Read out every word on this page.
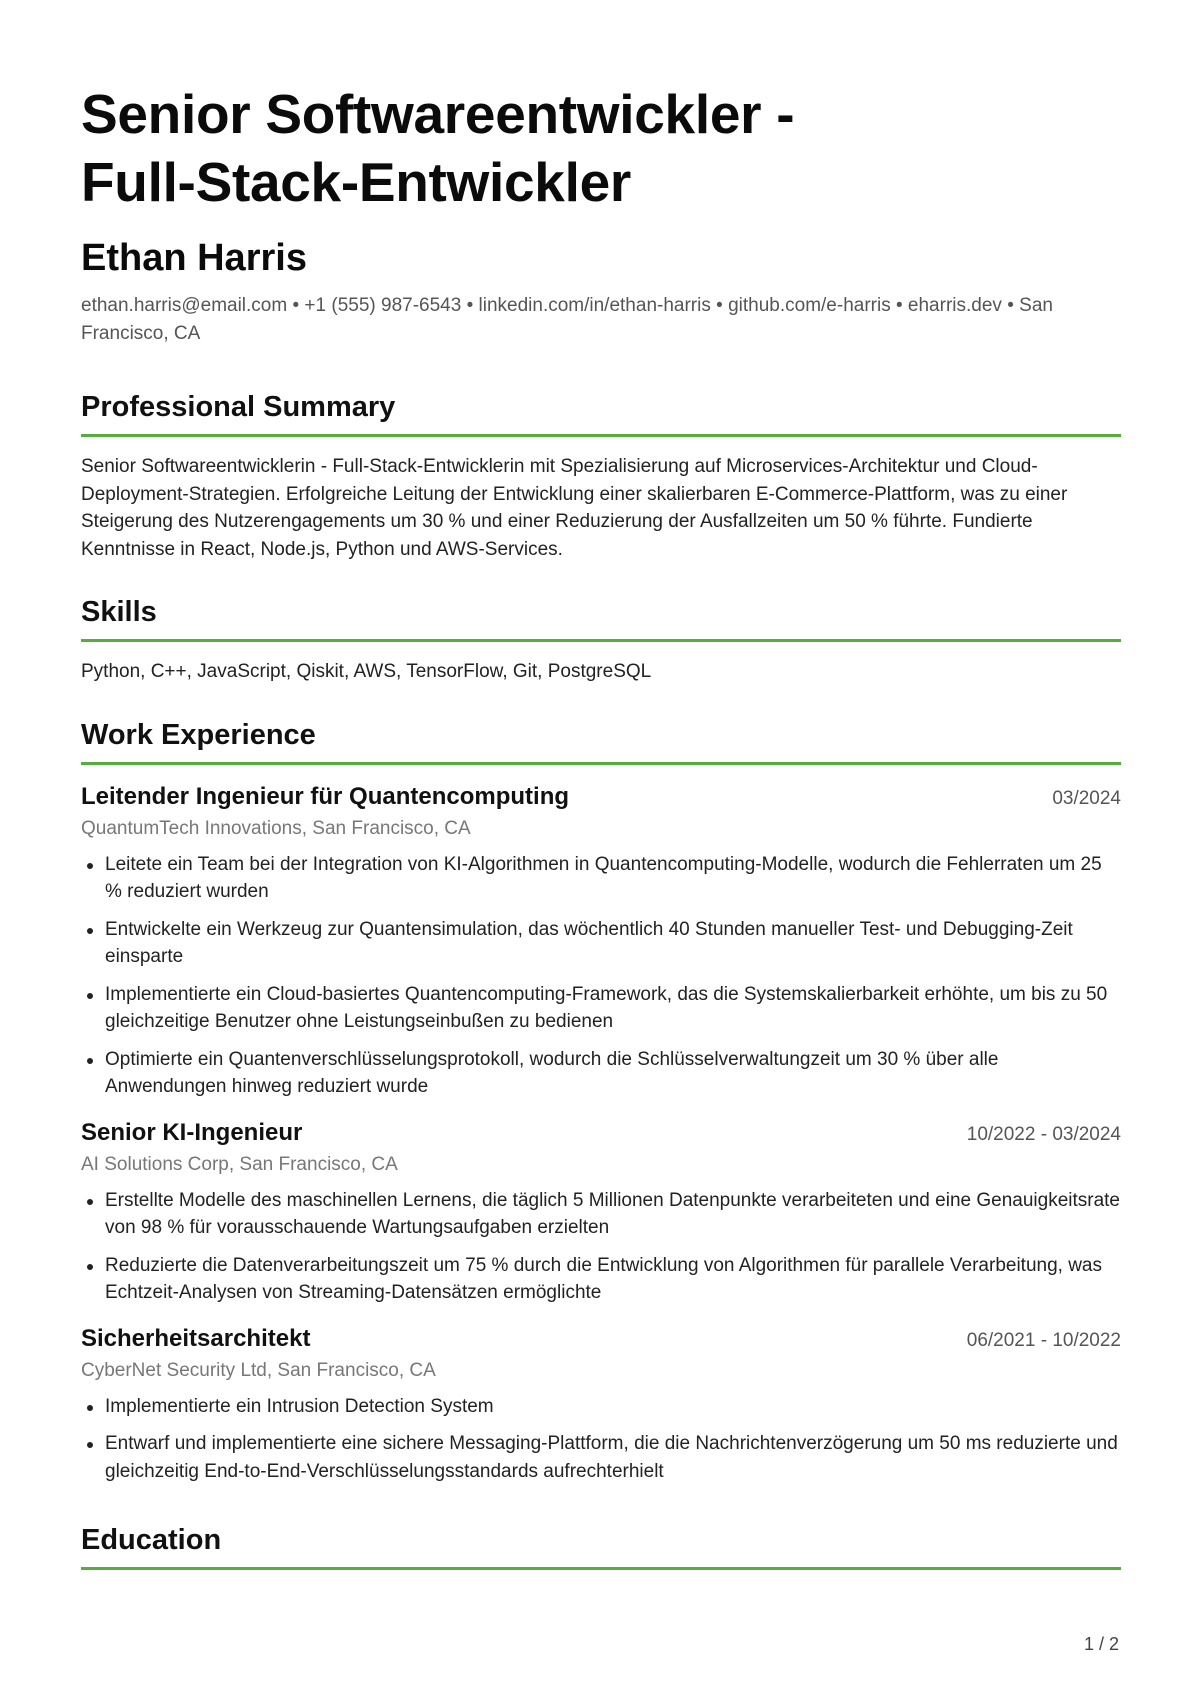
Senior Softwareentwickler -
Full-Stack-Entwickler
Ethan Harris
ethan.harris@email.com • +1 (555) 987-6543 • linkedin.com/in/ethan-harris • github.com/e-harris • eharris.dev • San Francisco, CA
Professional Summary
Senior Softwareentwicklerin - Full-Stack-Entwicklerin mit Spezialisierung auf Microservices-Architektur und Cloud-Deployment-Strategien. Erfolgreiche Leitung der Entwicklung einer skalierbaren E-Commerce-Plattform, was zu einer Steigerung des Nutzerengagements um 30 % und einer Reduzierung der Ausfallzeiten um 50 % führte. Fundierte Kenntnisse in React, Node.js, Python und AWS-Services.
Skills
Python, C++, JavaScript, Qiskit, AWS, TensorFlow, Git, PostgreSQL
Work Experience
Leitender Ingenieur für Quantencomputing	03/2024
QuantumTech Innovations, San Francisco, CA
Leitete ein Team bei der Integration von KI-Algorithmen in Quantencomputing-Modelle, wodurch die Fehlerraten um 25 % reduziert wurden
Entwickelte ein Werkzeug zur Quantensimulation, das wöchentlich 40 Stunden manueller Test- und Debugging-Zeit einsparte
Implementierte ein Cloud-basiertes Quantencomputing-Framework, das die Systemskalierbarkeit erhöhte, um bis zu 50 gleichzeitige Benutzer ohne Leistungseinbußen zu bedienen
Optimierte ein Quantenverschlüsselungsprotokoll, wodurch die Schlüsselverwaltungzeit um 30 % über alle Anwendungen hinweg reduziert wurde
Senior KI-Ingenieur	10/2022 - 03/2024
AI Solutions Corp, San Francisco, CA
Erstellte Modelle des maschinellen Lernens, die täglich 5 Millionen Datenpunkte verarbeiteten und eine Genauigkeitsrate von 98 % für vorausschauende Wartungsaufgaben erzielten
Reduzierte die Datenverarbeitungszeit um 75 % durch die Entwicklung von Algorithmen für parallele Verarbeitung, was Echtzeit-Analysen von Streaming-Datensätzen ermöglichte
Sicherheitsarchitekt	06/2021 - 10/2022
CyberNet Security Ltd, San Francisco, CA
Implementierte ein Intrusion Detection System
Entwarf und implementierte eine sichere Messaging-Plattform, die die Nachrichtenverzögerung um 50 ms reduzierte und gleichzeitig End-to-End-Verschlüsselungsstandards aufrechterhielt
Education
1 / 2
